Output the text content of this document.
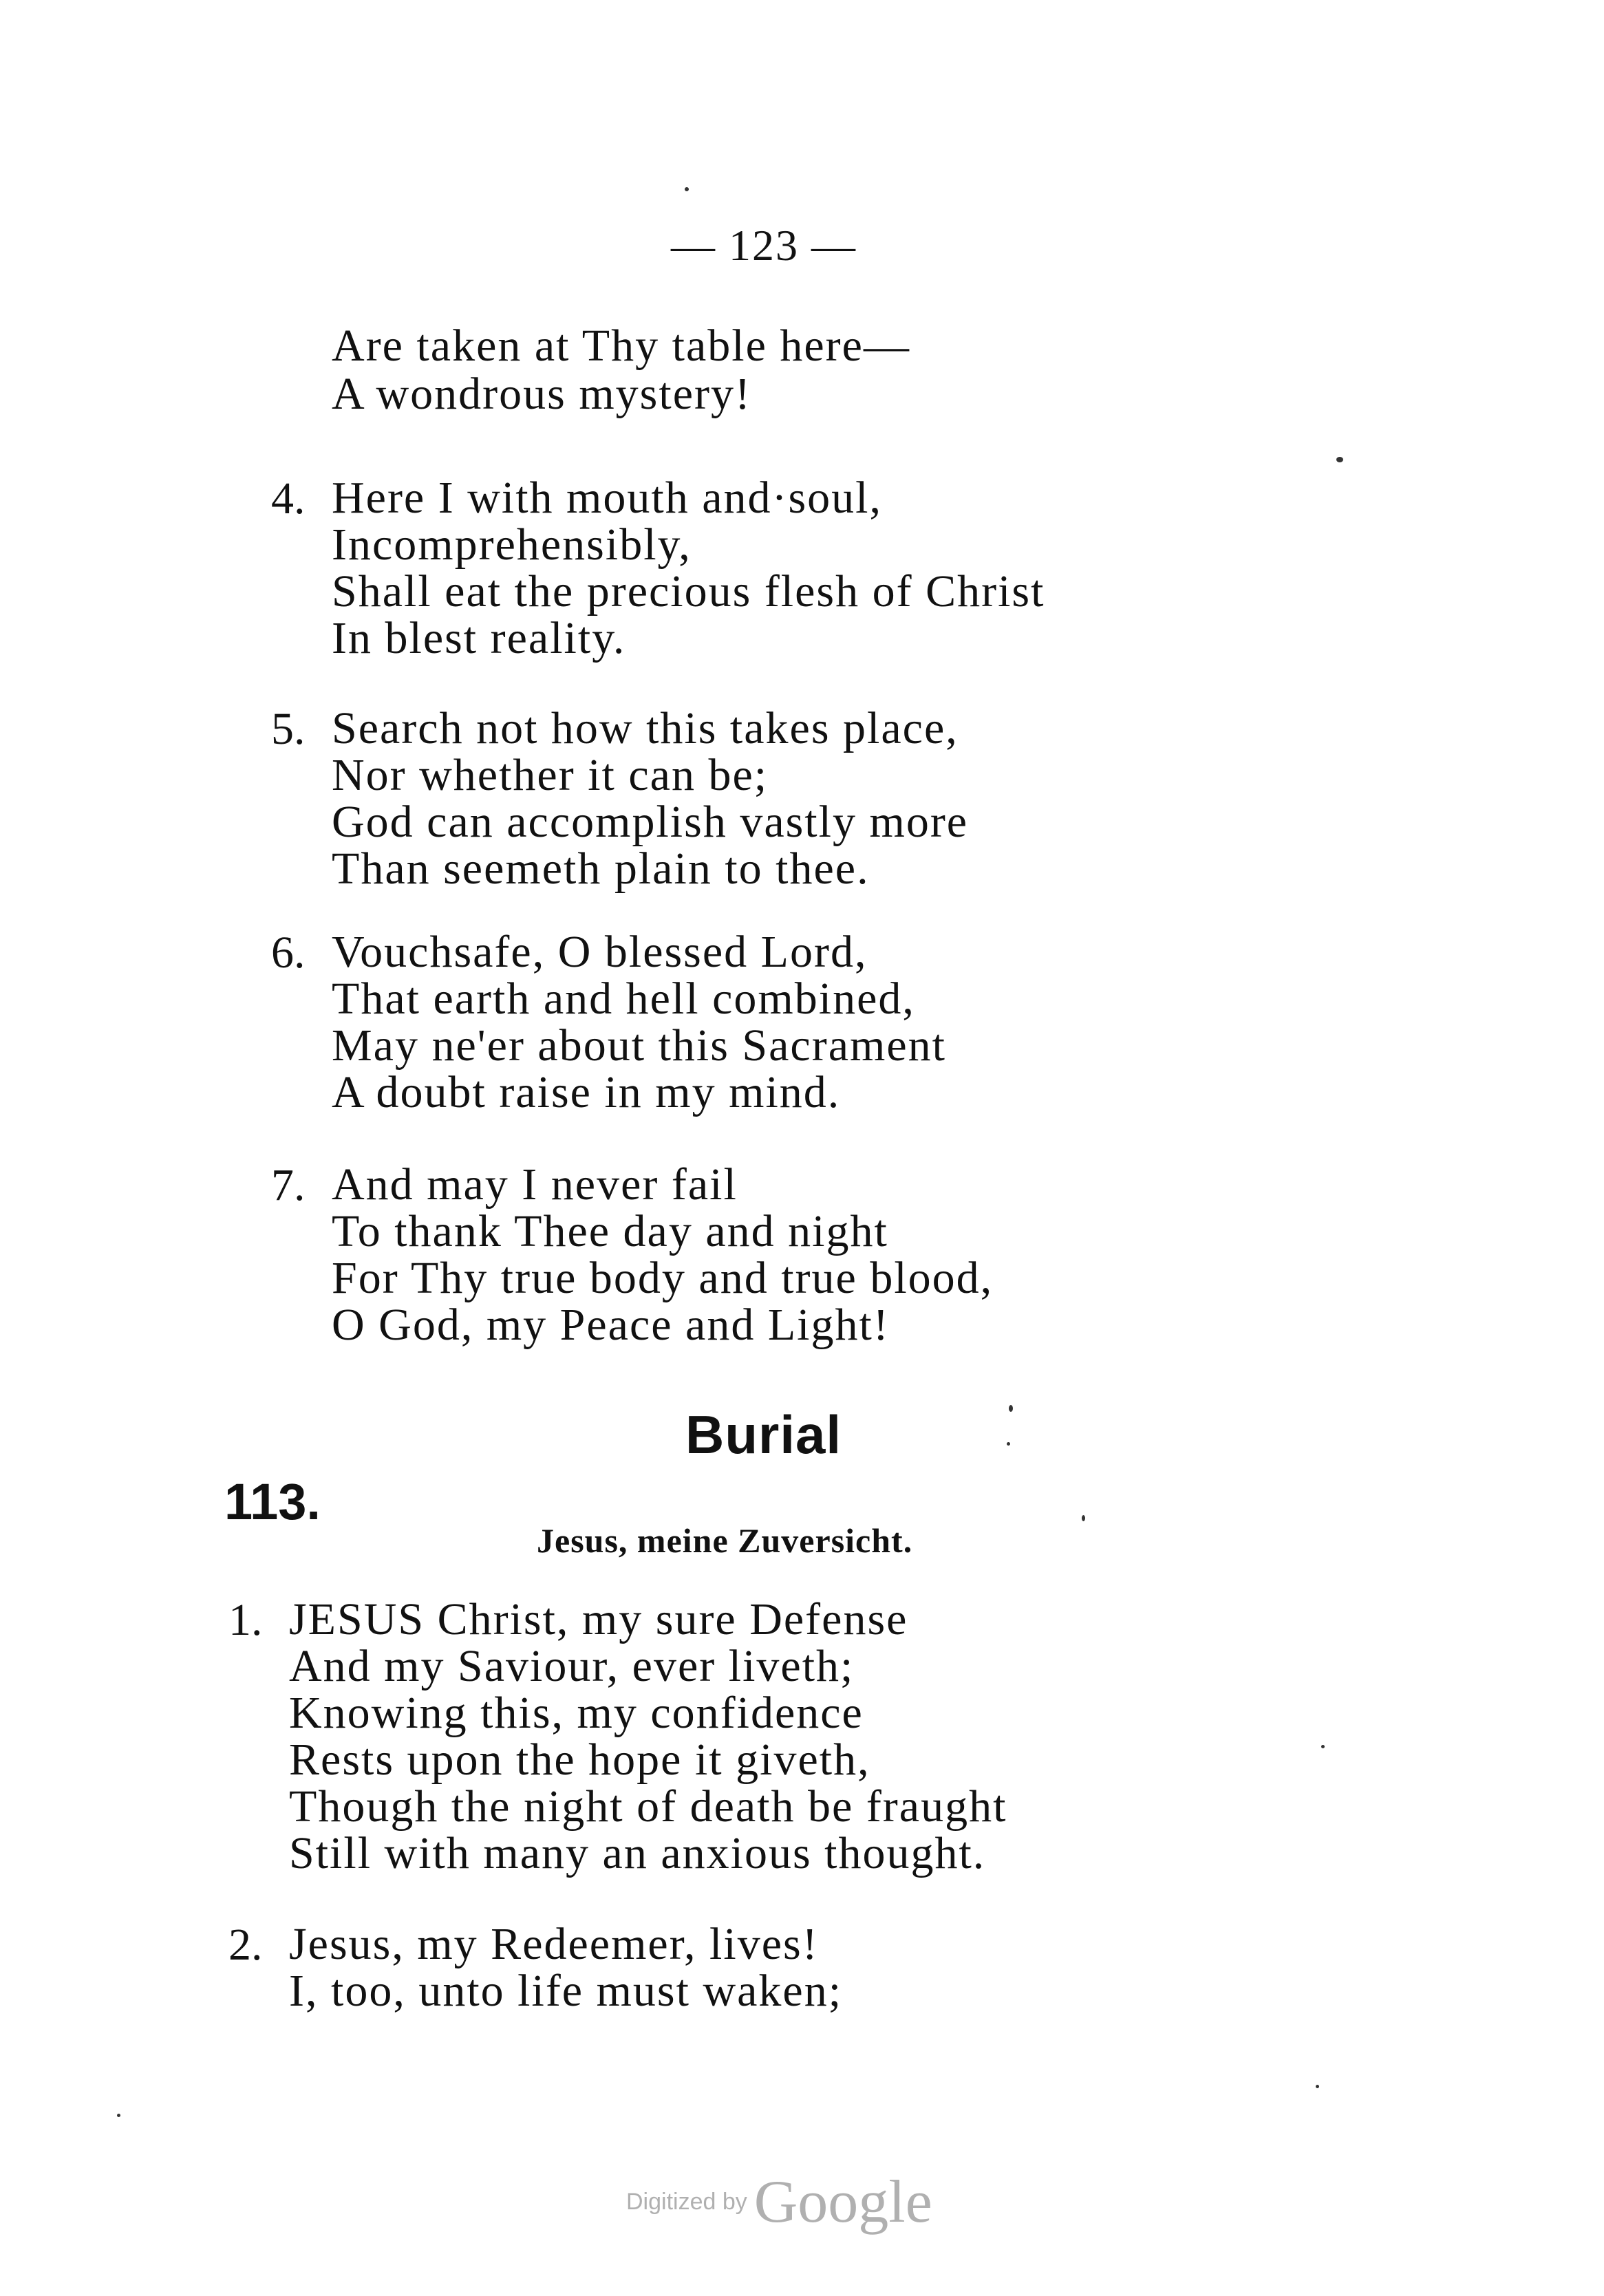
— 123 —
Are taken at Thy table here—
A wondrous mystery!
4. Here I with mouth and·soul,
Incomprehensibly,
Shall eat the precious flesh of Christ
In blest reality.
5. Search not how this takes place,
Nor whether it can be;
God can accomplish vastly more
Than seemeth plain to thee.
6. Vouchsafe, O blessed Lord,
That earth and hell combined,
May ne'er about this Sacrament
A doubt raise in my mind.
7. And may I never fail
To thank Thee day and night
For Thy true body and true blood,
O God, my Peace and Light!
Burial
113.
Jesus, meine Zuversicht.
1. JESUS Christ, my sure Defense
And my Saviour, ever liveth;
Knowing this, my confidence
Rests upon the hope it giveth,
Though the night of death be fraught
Still with many an anxious thought.
2. Jesus, my Redeemer, lives!
I, too, unto life must waken;
Digitized by Google
